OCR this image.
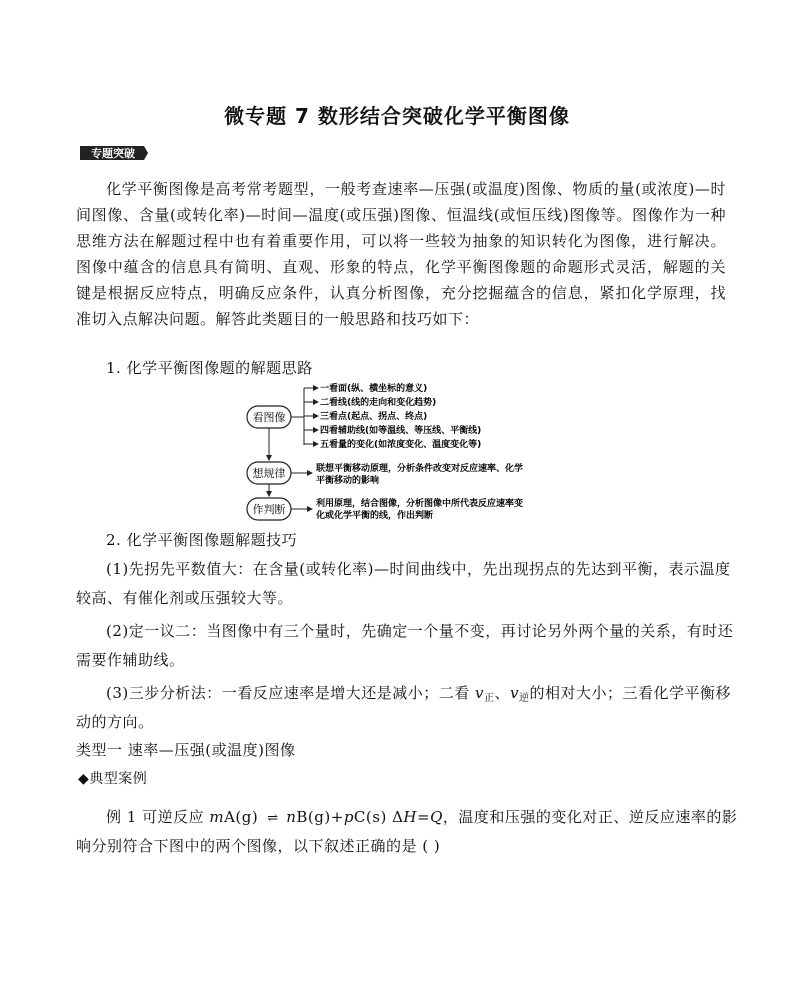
微专题 7 数形结合突破化学平衡图像
专题突破
化学平衡图像是高考常考题型，一般考查速率—压强(或温度)图像、物质的量(或浓度)—时间图像、含量(或转化率)—时间—温度(或压强)图像、恒温线(或恒压线)图像等。图像作为一种思维方法在解题过程中也有着重要作用，可以将一些较为抽象的知识转化为图像，进行解决。图像中蕴含的信息具有简明、直观、形象的特点，化学平衡图像题的命题形式灵活，解题的关键是根据反应特点，明确反应条件，认真分析图像，充分挖掘蕴含的信息，紧扣化学原理，找准切入点解决问题。解答此类题目的一般思路和技巧如下：
1. 化学平衡图像题的解题思路
看图像
一看面(纵、横坐标的意义)
二看线(线的走向和变化趋势)
三看点(起点、拐点、终点)
四看辅助线(如等温线、等压线、平衡线)
五看量的变化(如浓度变化、温度变化等)
想规律	联想平衡移动原理，分析条件改变对反应速率、化学
平衡移动的影响
作判断	利用原理，结合图像，分析图像中所代表反应速率变
化或化学平衡的线，作出判断
2. 化学平衡图像题解题技巧
(1)先拐先平数值大：在含量(或转化率)—时间曲线中，先出现拐点的先达到平衡，表示温度
较高、有催化剂或压强较大等。
(2)定一议二：当图像中有三个量时，先确定一个量不变，再讨论另外两个量的关系，有时还
需要作辅助线。
(3)三步分析法：一看反应速率是增大还是减小；二看 $v_正$、$v_逆$的相对大小；三看化学平衡移
动的方向。
类型一 速率—压强(或温度)图像
◆典型案例
例 1 可逆反应 mA(g) ⇌ nB(g)+pC(s) ΔH=Q，温度和压强的变化对正、逆反应速率的影
响分别符合下图中的两个图像，以下叙述正确的是 ( )
